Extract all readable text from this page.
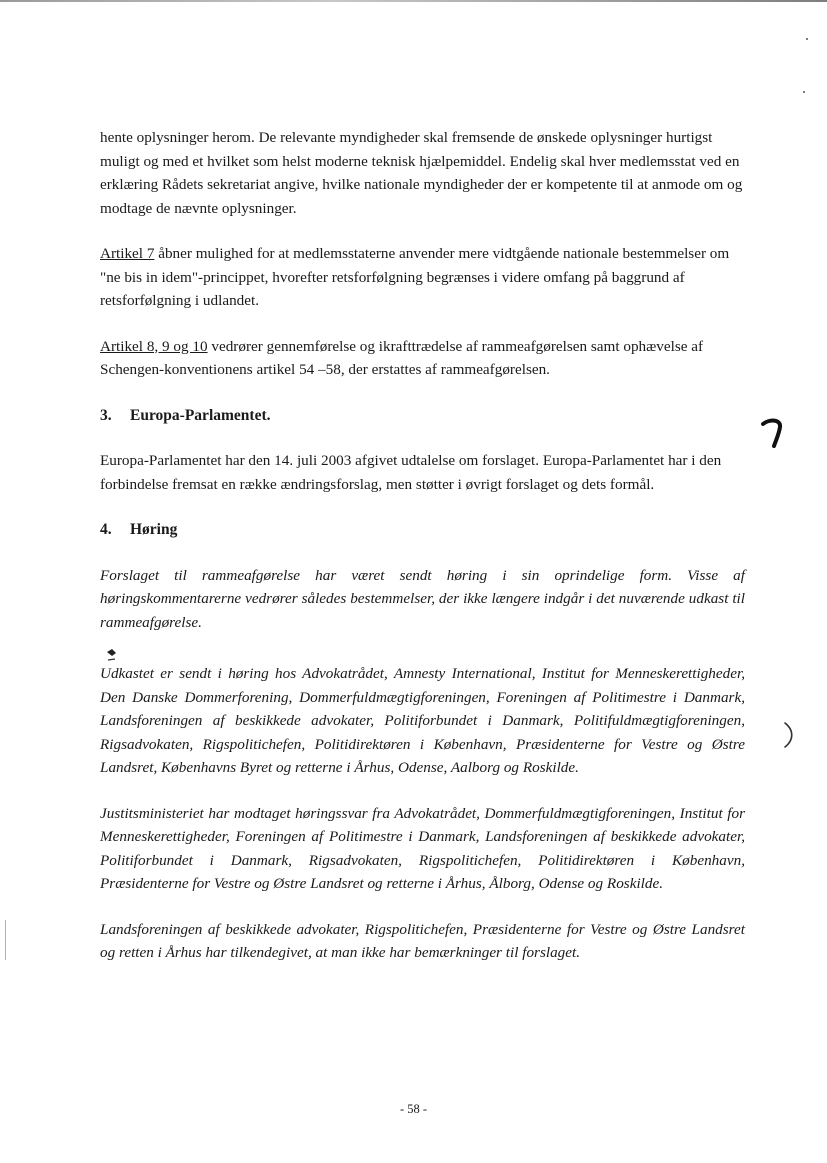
hente oplysninger herom. De relevante myndigheder skal fremsende de ønskede oplysninger hurtigst muligt og med et hvilket som helst moderne teknisk hjælpemiddel. Endelig skal hver medlemsstat ved en erklæring Rådets sekretariat angive, hvilke nationale myndigheder der er kompetente til at anmode om og modtage de nævnte oplysninger.

Artikel 7 åbner mulighed for at medlemsstaterne anvender mere vidtgående nationale bestemmelser om "ne bis in idem"-princippet, hvorefter retsforfølgning begrænses i videre omfang på baggrund af retsforfølgning i udlandet.

Artikel 8, 9 og 10 vedrører gennemførelse og ikrafttrædelse af rammeafgørelsen samt ophævelse af Schengen-konventionens artikel 54 –58, der erstattes af rammeafgørelsen.

3. Europa-Parlamentet.

Europa-Parlamentet har den 14. juli 2003 afgivet udtalelse om forslaget. Europa-Parlamentet har i den forbindelse fremsat en række ændringsforslag, men støtter i øvrigt forslaget og dets formål.

4. Høring

Forslaget til rammeafgørelse har været sendt høring i sin oprindelige form. Visse af høringskommentarerne vedrører således bestemmelser, der ikke længere indgår i det nuværende udkast til rammeafgørelse.

Udkastet er sendt i høring hos Advokatrådet, Amnesty International, Institut for Menneskerettigheder, Den Danske Dommerforening, Dommerfuldmægtigforeningen, Foreningen af Politimestre i Danmark, Landsforeningen af beskikkede advokater, Politiforbundet i Danmark, Politifuldmægtigforeningen, Rigsadvokaten, Rigspolitichefen, Politidirektøren i København, Præsidenterne for Vestre og Østre Landsret, Københavns Byret og retterne i Århus, Odense, Aalborg og Roskilde.

Justitsministeriet har modtaget høringssvar fra Advokatrådet, Dommerfuldmægtigforeningen, Institut for Menneskerettigheder, Foreningen af Politimestre i Danmark, Landsforeningen af beskikkede advokater, Politiforbundet i Danmark, Rigsadvokaten, Rigspolitichefen, Politidirektøren i København, Præsidenterne for Vestre og Østre Landsret og retterne i Århus, Ålborg, Odense og Roskilde.

Landsforeningen af beskikkede advokater, Rigspolitichefen, Præsidenterne for Vestre og Østre Landsret og retten i Århus har tilkendegivet, at man ikke har bemærkninger til forslaget.

- 58 -
